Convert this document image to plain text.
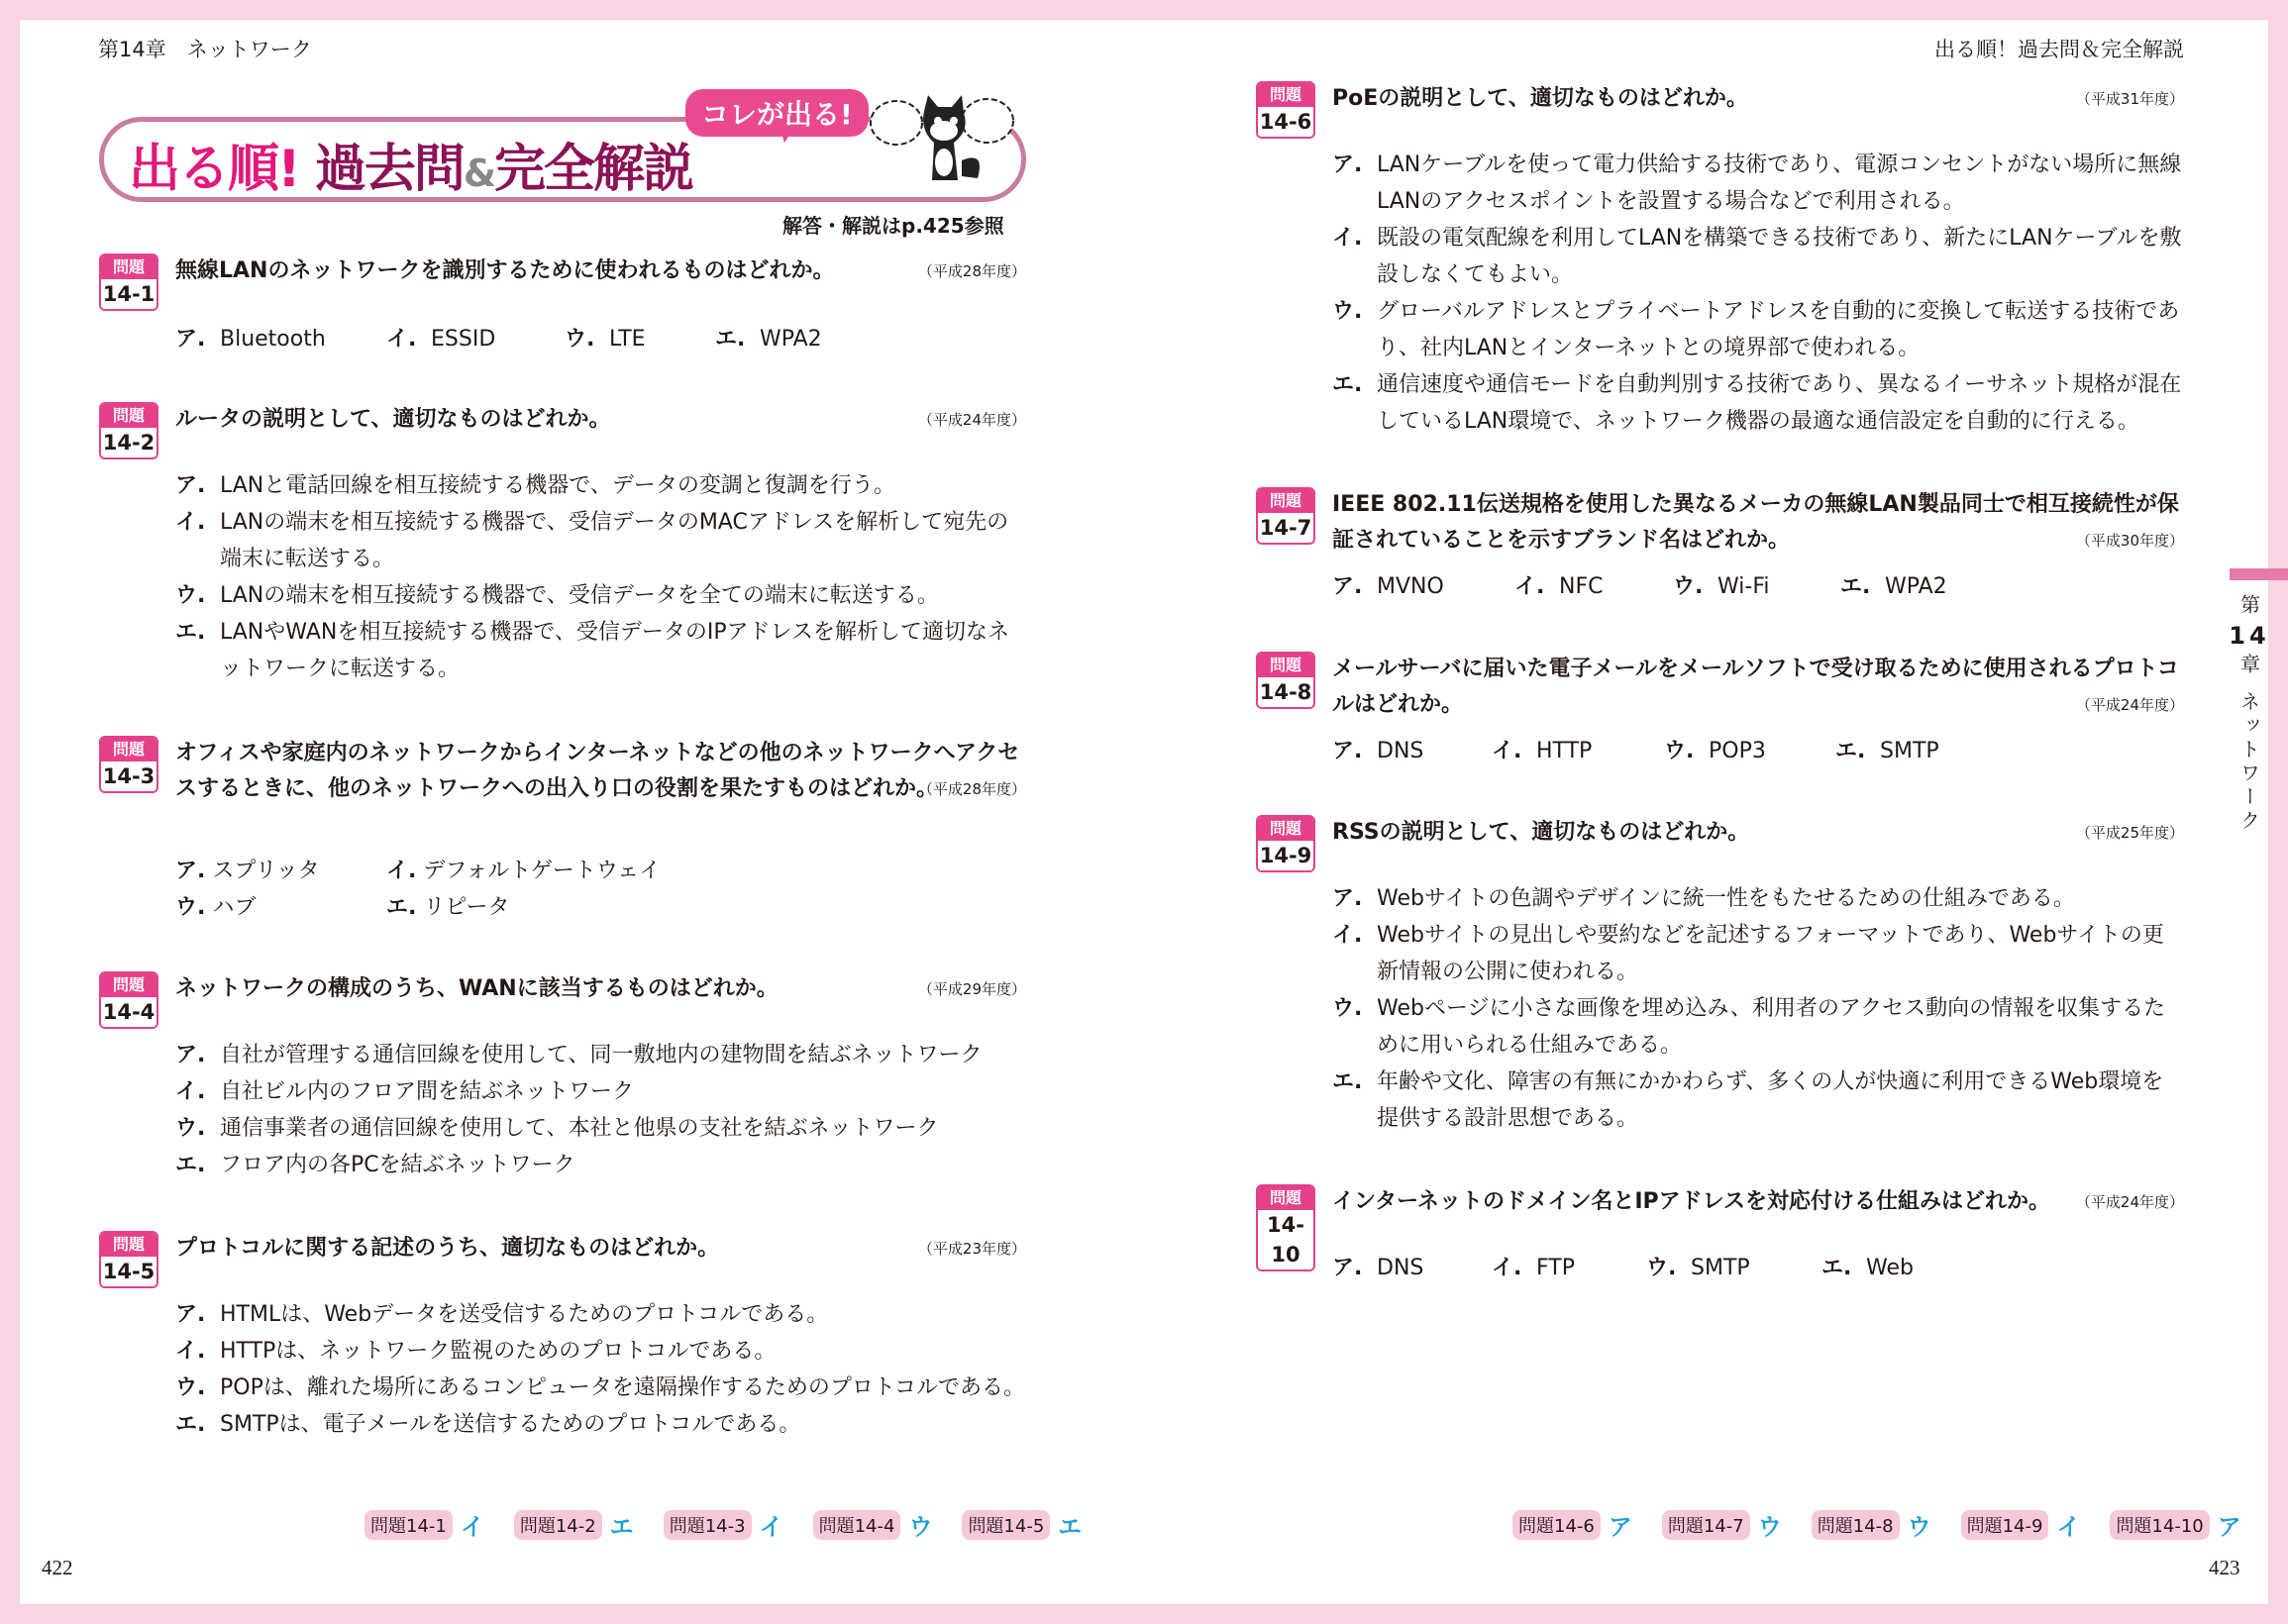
第14章　ネットワーク
出る順! 過去問&完全解説
コレが出る!
解答・解説はp.425参照
問題
14-1
無線LANのネットワークを識別するために使われるものはどれか。	（平成28年度）
ア. Bluetooth	イ. ESSID	ウ. LTE	エ. WPA2
問題
14-2
ルータの説明として、適切なものはどれか。	（平成24年度）
ア. LANと電話回線を相互接続する機器で、データの変調と復調を行う。
イ. LANの端末を相互接続する機器で、受信データのMACアドレスを解析して宛先の端末に転送する。
ウ. LANの端末を相互接続する機器で、受信データを全ての端末に転送する。
エ. LANやWANを相互接続する機器で、受信データのIPアドレスを解析して適切なネットワークに転送する。
問題
14-3
オフィスや家庭内のネットワークからインターネットなどの他のネットワークへアクセスするときに、他のネットワークへの出入り口の役割を果たすものはどれか。
（平成28年度）
ア. スプリッタ	イ. デフォルトゲートウェイ
ウ. ハブ	エ. リピータ
問題
14-4
ネットワークの構成のうち、WANに該当するものはどれか。	（平成29年度）
ア. 自社が管理する通信回線を使用して、同一敷地内の建物間を結ぶネットワーク
イ. 自社ビル内のフロア間を結ぶネットワーク
ウ. 通信事業者の通信回線を使用して、本社と他県の支社を結ぶネットワーク
エ. フロア内の各PCを結ぶネットワーク
問題
14-5
プロトコルに関する記述のうち、適切なものはどれか。	（平成23年度）
ア. HTMLは、Webデータを送受信するためのプロトコルである。
イ. HTTPは、ネットワーク監視のためのプロトコルである。
ウ. POPは、離れた場所にあるコンピュータを遠隔操作するためのプロトコルである。
エ. SMTPは、電子メールを送信するためのプロトコルである。
問題14-1 イ	問題14-2 エ	問題14-3 イ	問題14-4 ウ	問題14-5 エ
422
出る順！過去問＆完全解説
問題
14-6
PoEの説明として、適切なものはどれか。	（平成31年度）
ア. LANケーブルを使って電力供給する技術であり、電源コンセントがない場所に無線LANのアクセスポイントを設置する場合などで利用される。
イ. 既設の電気配線を利用してLANを構築できる技術であり、新たにLANケーブルを敷設しなくてもよい。
ウ. グローバルアドレスとプライベートアドレスを自動的に変換して転送する技術であり、社内LANとインターネットとの境界部で使われる。
エ. 通信速度や通信モードを自動判別する技術であり、異なるイーサネット規格が混在しているLAN環境で、ネットワーク機器の最適な通信設定を自動的に行える。
問題
14-7
IEEE 802.11伝送規格を使用した異なるメーカの無線LAN製品同士で相互接続性が保証されていることを示すブランド名はどれか。	（平成30年度）
ア. MVNO	イ. NFC	ウ. Wi-Fi	エ. WPA2
問題
14-8
メールサーバに届いた電子メールをメールソフトで受け取るために使用されるプロトコルはどれか。	（平成24年度）
ア. DNS	イ. HTTP	ウ. POP3	エ. SMTP
問題
14-9
RSSの説明として、適切なものはどれか。	（平成25年度）
ア. Webサイトの色調やデザインに統一性をもたせるための仕組みである。
イ. Webサイトの見出しや要約などを記述するフォーマットであり、Webサイトの更新情報の公開に使われる。
ウ. Webページに小さな画像を埋め込み、利用者のアクセス動向の情報を収集するために用いられる仕組みである。
エ. 年齢や文化、障害の有無にかかわらず、多くの人が快適に利用できるWeb環境を提供する設計思想である。
問題
14-10
インターネットのドメイン名とIPアドレスを対応付ける仕組みはどれか。 （平成24年度）
ア. DNS	イ. FTP	ウ. SMTP	エ. Web
問題14-6 ア	問題14-7 ウ	問題14-8 ウ	問題14-9 イ	問題14-10 ア
423
第
14
章
ネットワーク
